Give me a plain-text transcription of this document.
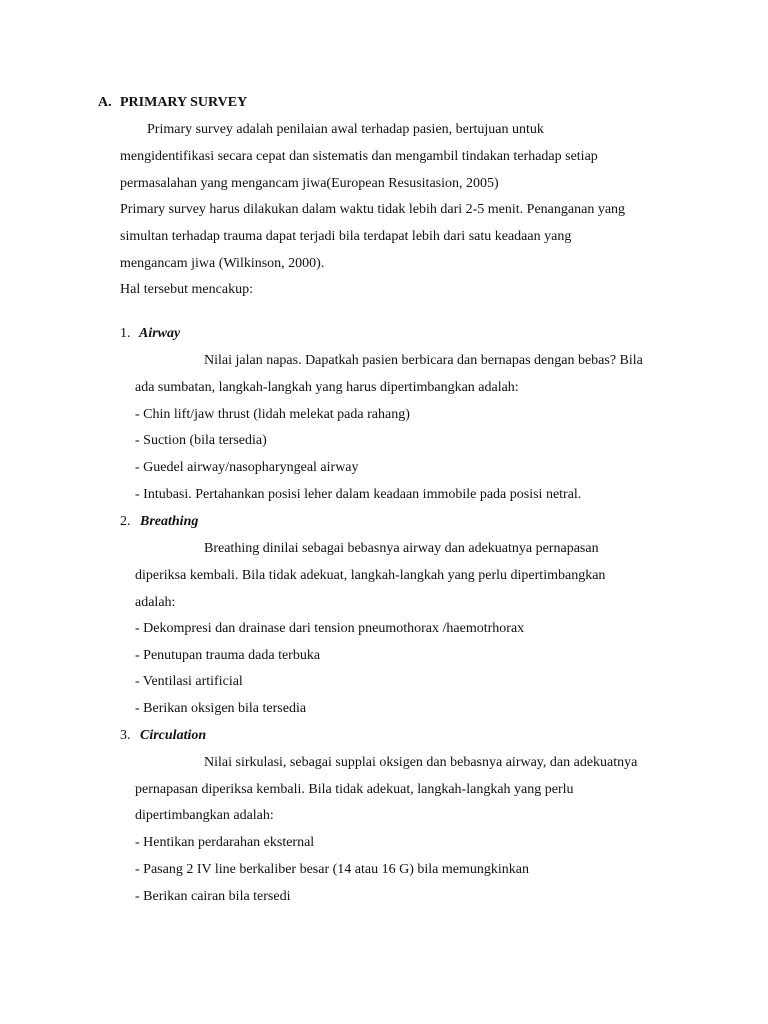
A. PRIMARY SURVEY
Primary survey adalah penilaian awal terhadap pasien, bertujuan untuk
mengidentifikasi secara cepat dan sistematis dan mengambil tindakan terhadap setiap
permasalahan yang mengancam jiwa(European Resusitasion, 2005)
Primary survey harus dilakukan dalam waktu tidak lebih dari 2-5 menit. Penanganan yang
simultan terhadap trauma dapat terjadi bila terdapat lebih dari satu keadaan yang
mengancam jiwa (Wilkinson, 2000).
Hal tersebut mencakup:
1. Airway
Nilai jalan napas. Dapatkah pasien berbicara dan bernapas dengan bebas? Bila
ada sumbatan, langkah-langkah yang harus dipertimbangkan adalah:
- Chin lift/jaw thrust (lidah melekat pada rahang)
- Suction (bila tersedia)
- Guedel airway/nasopharyngeal airway
- Intubasi. Pertahankan posisi leher dalam keadaan immobile pada posisi netral.
2. Breathing
Breathing dinilai sebagai bebasnya airway dan adekuatnya pernapasan
diperiksa kembali. Bila tidak adekuat, langkah-langkah yang perlu dipertimbangkan
adalah:
- Dekompresi dan drainase dari tension pneumothorax /haemotrhorax
- Penutupan trauma dada terbuka
- Ventilasi artificial
- Berikan oksigen bila tersedia
3. Circulation
Nilai sirkulasi, sebagai supplai oksigen dan bebasnya airway, dan adekuatnya
pernapasan diperiksa kembali. Bila tidak adekuat, langkah-langkah yang perlu
dipertimbangkan adalah:
- Hentikan perdarahan eksternal
- Pasang 2 IV line berkaliber besar (14 atau 16 G) bila memungkinkan
- Berikan cairan bila tersedi
